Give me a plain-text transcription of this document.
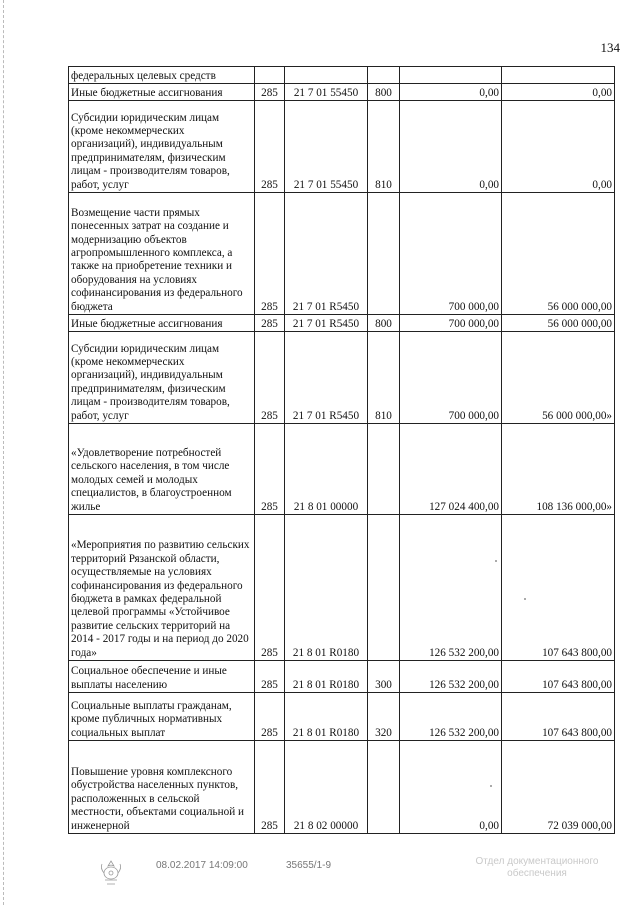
134
федеральных целевых средств					
Иные бюджетные ассигнования	285	21 7 01 55450	800	0,00	0,00
Субсидии юридическим лицам (кроме некоммерческих организаций), индивидуальным предпринимателям, физическим лицам - производителям товаров, работ, услуг	285	21 7 01 55450	810	0,00	0,00
Возмещение части прямых понесенных затрат на создание и модернизацию объектов агропромышленного комплекса, а также на приобретение техники и оборудования на условиях софинансирования из федерального бюджета	285	21 7 01 R5450		700 000,00	56 000 000,00
Иные бюджетные ассигнования	285	21 7 01 R5450	800	700 000,00	56 000 000,00
Субсидии юридическим лицам (кроме некоммерческих организаций), индивидуальным предпринимателям, физическим лицам - производителям товаров, работ, услуг	285	21 7 01 R5450	810	700 000,00	56 000 000,00»
«Удовлетворение потребностей сельского населения, в том числе молодых семей и молодых специалистов, в благоустроенном жилье	285	21 8 01 00000		127 024 400,00	108 136 000,00»
«Мероприятия по развитию сельских территорий Рязанской области, осуществляемые на условиях софинансирования из федерального бюджета в рамках федеральной целевой программы «Устойчивое развитие сельских территорий на 2014 - 2017 годы и на период до 2020 года»	285	21 8 01 R0180		126 532 200,00	107 643 800,00
Социальное обеспечение и иные выплаты населению	285	21 8 01 R0180	300	126 532 200,00	107 643 800,00
Социальные выплаты гражданам, кроме публичных нормативных социальных выплат	285	21 8 01 R0180	320	126 532 200,00	107 643 800,00
Повышение уровня комплексного обустройства населенных пунктов, расположенных в сельской местности, объектами социальной и инженерной	285	21 8 02 00000		0,00	72 039 000,00
08.02.2017 14:09:00	35655/1-9	Отдел документационного обеспечения
